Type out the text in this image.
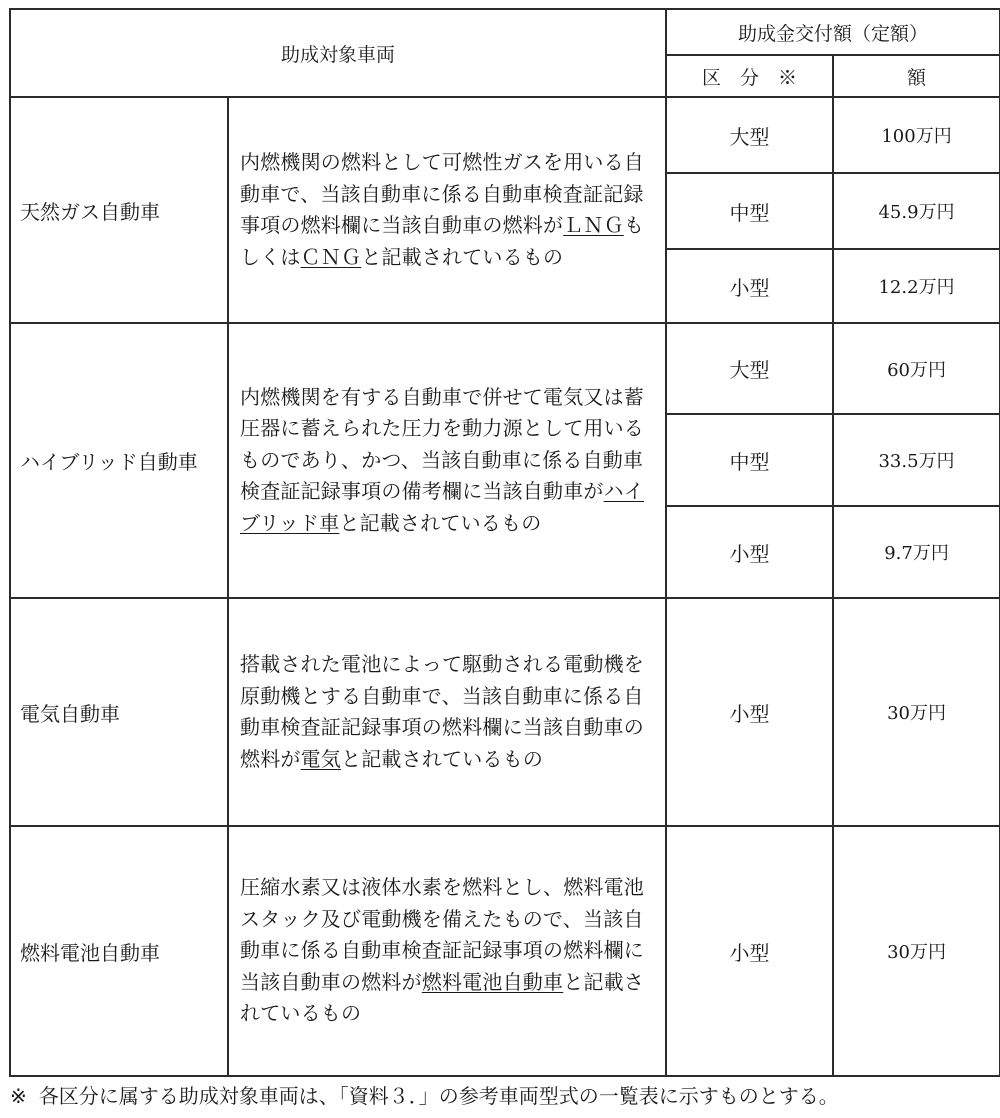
助成対象車両		助成金交付額（定額）	
		区　分　※	額
天然ガス自動車	内燃機関の燃料として可燃性ガスを用いる自動車で、当該自動車に係る自動車検査証記録事項の燃料欄に当該自動車の燃料がＬＮＧもしくはＣＮＧと記載されているもの	大型	100万円
		中型	45.9万円
		小型	12.2万円
ハイブリッド自動車	内燃機関を有する自動車で併せて電気又は蓄圧器に蓄えられた圧力を動力源として用いるものであり、かつ、当該自動車に係る自動車検査証記録事項の備考欄に当該自動車がハイブリッド車と記載されているもの	大型	60万円
		中型	33.5万円
		小型	9.7万円
電気自動車	搭載された電池によって駆動される電動機を原動機とする自動車で、当該自動車に係る自動車検査証記録事項の燃料欄に当該自動車の燃料が電気と記載されているもの	小型	30万円
燃料電池自動車	圧縮水素又は液体水素を燃料とし、燃料電池スタック及び電動機を備えたもので、当該自動車に係る自動車検査証記録事項の燃料欄に当該自動車の燃料が燃料電池自動車と記載されているもの	小型	30万円
※ 各区分に属する助成対象車両は、「資料３．」の参考車両型式の一覧表に示すものとする。
